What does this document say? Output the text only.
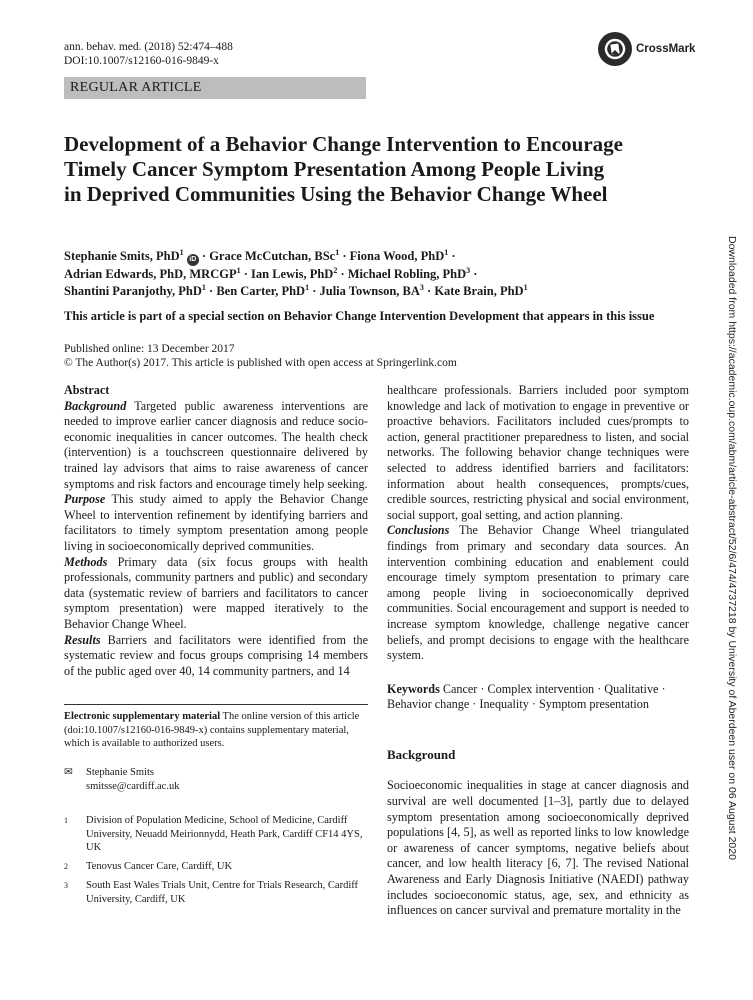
ann. behav. med. (2018) 52:474–488
DOI:10.1007/s12160-016-9849-x
CrossMark
REGULAR ARTICLE
Development of a Behavior Change Intervention to Encourage
Timely Cancer Symptom Presentation Among People Living
in Deprived Communities Using the Behavior Change Wheel
Stephanie Smits, PhD$^1$ iD · Grace McCutchan, BSc$^1$ · Fiona Wood, PhD$^1$ ·
Adrian Edwards, PhD, $MRCGP^1$ · Ian Lewis, PhD$^2$ · Michael Robling, PhD$^3$ ·
Shantini Paranjothy, PhD$^1$ · Ben Carter, PhD$^1$ · Julia Townson, $BA^3$ · Kate Brain, PhD$^1$
This article is part of a special section on Behavior Change Intervention Development that appears in this issue
Published online: 13 December 2017
© The Author(s) 2017. This article is published with open access at Springerlink.com
Abstract

Background Targeted public awareness interventions are needed to improve earlier cancer diagnosis and reduce socio-economic inequalities in cancer outcomes. The health check (intervention) is a touchscreen questionnaire delivered by trained lay advisors that aims to raise awareness of cancer symptoms and risk factors and encourage timely help seeking.

Purpose This study aimed to apply the Behavior Change Wheel to intervention refinement by identifying barriers and facilitators to timely symptom presentation among people living in socioeconomically deprived communities.

Methods Primary data (six focus groups with health professionals, community partners and public) and secondary data (systematic review of barriers and facilitators to cancer symptom presentation) were mapped iteratively to the Behavior Change Wheel.

Results Barriers and facilitators were identified from the systematic review and focus groups comprising 14 members of the public aged over 40, 14 community partners, and 14

Electronic supplementary material The online version of this article (doi:10.1007/s12160-016-9849-x) contains supplementary material, which is available to authorized users.
✉	Stephanie Smits
smitsse@cardiff.ac.uk
1	Division of Population Medicine, School of Medicine, Cardiff University, Neuadd Meirionnydd, Heath Park, Cardiff CF14 4YS, UK
2	Tenovus Cancer Care, Cardiff, UK
3	South East Wales Trials Unit, Centre for Trials Research, Cardiff University, Cardiff, UK

healthcare professionals. Barriers included poor symptom knowledge and lack of motivation to engage in preventive or proactive behaviors. Facilitators included cues/prompts to action, general practitioner preparedness to listen, and social networks. The following behavior change techniques were selected to address identified barriers and facilitators: information about health consequences, prompts/cues, credible sources, restricting physical and social environment, social support, goal setting, and action planning.

Conclusions The Behavior Change Wheel triangulated findings from primary and secondary data sources. An intervention combining education and enablement could encourage timely symptom presentation to primary care among people living in socioeconomically deprived communities. Social encouragement and support is needed to increase symptom knowledge, challenge negative cancer beliefs, and prompt decisions to engage with the healthcare system.

Keywords Cancer · Complex intervention · Qualitative · Behavior change · Inequality · Symptom presentation

Background

Socioeconomic inequalities in stage at cancer diagnosis and survival are well documented [1–3], partly due to delayed symptom presentation among socioeconomically deprived populations [4, 5], as well as reported links to low knowledge or awareness of cancer symptoms, negative beliefs about cancer, and low health literacy [6, 7]. The revised National Awareness and Early Diagnosis Initiative (NAEDI) pathway includes socioeconomic status, age, sex, and ethnicity as influences on cancer survival and premature mortality in the

Downloaded from https://academic.oup.com/abm/article-abstract/52/6/474/4737218 by University of Aberdeen user on 06 August 2020
